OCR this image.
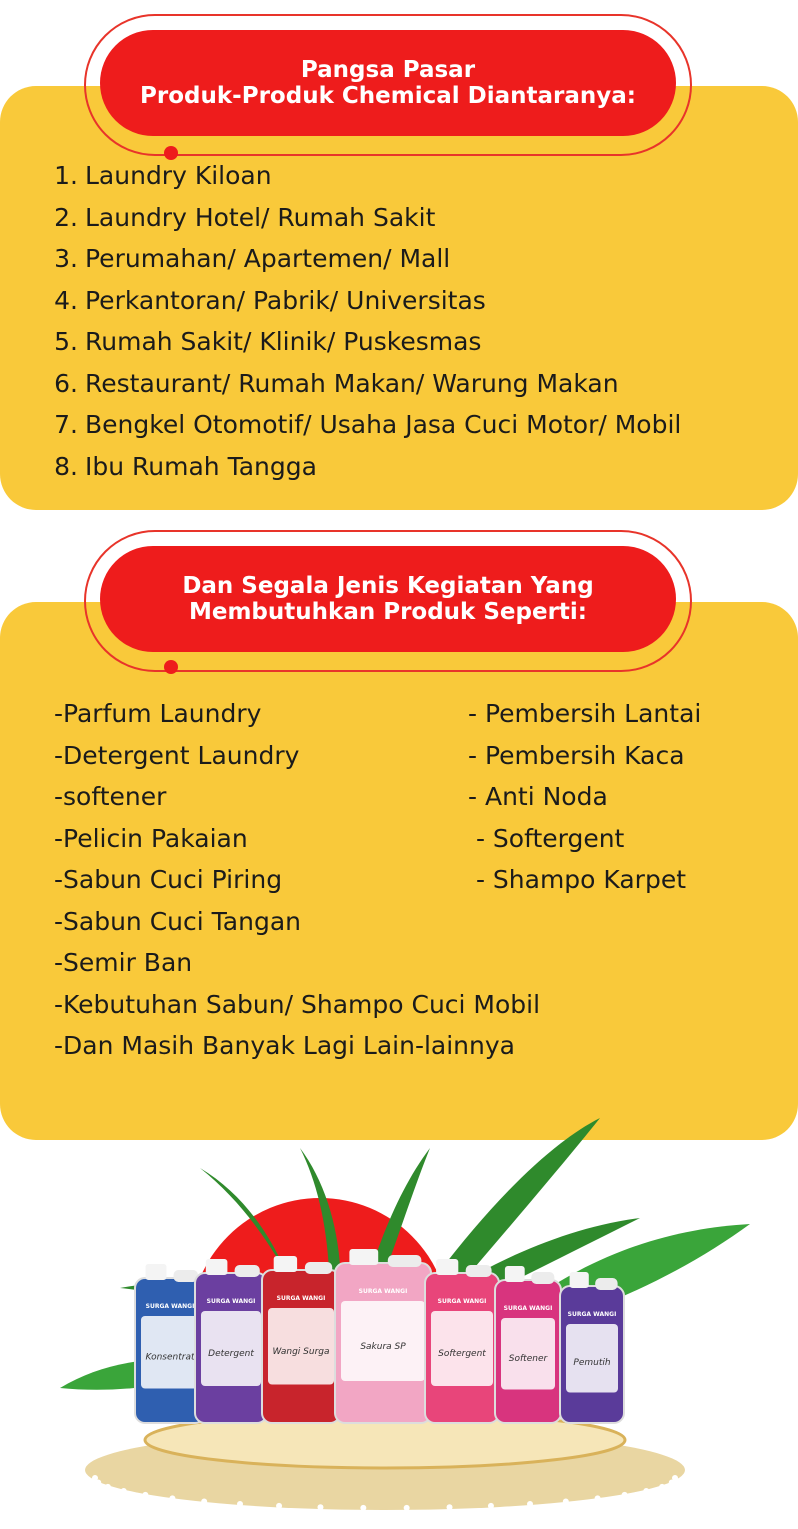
Pangsa Pasar
Produk-Produk Chemical Diantaranya:
1. Laundry Kiloan
2. Laundry Hotel/ Rumah Sakit
3. Perumahan/ Apartemen/ Mall
4. Perkantoran/ Pabrik/ Universitas
5. Rumah Sakit/ Klinik/ Puskesmas
6. Restaurant/ Rumah Makan/ Warung Makan
7. Bengkel Otomotif/ Usaha Jasa Cuci Motor/ Mobil
8. Ibu Rumah Tangga
Dan Segala Jenis Kegiatan Yang
Membutuhkan Produk Seperti:
-Parfum Laundry
-Detergent Laundry
-softener
-Pelicin Pakaian
-Sabun Cuci Piring
-Sabun Cuci Tangan
-Semir Ban
-Kebutuhan Sabun/ Shampo Cuci Mobil
-Dan Masih Banyak Lagi Lain-lainnya
- Pembersih Lantai
- Pembersih Kaca
- Anti Noda
- Softergent
- Shampo Karpet
Konsentrat
SURGA WANGI
Detergent
SURGA WANGI
Wangi Surga
SURGA WANGI
Sakura SP
SURGA WANGI
Softergent
SURGA WANGI
Softener
SURGA WANGI
Pemutih
SURGA WANGI
